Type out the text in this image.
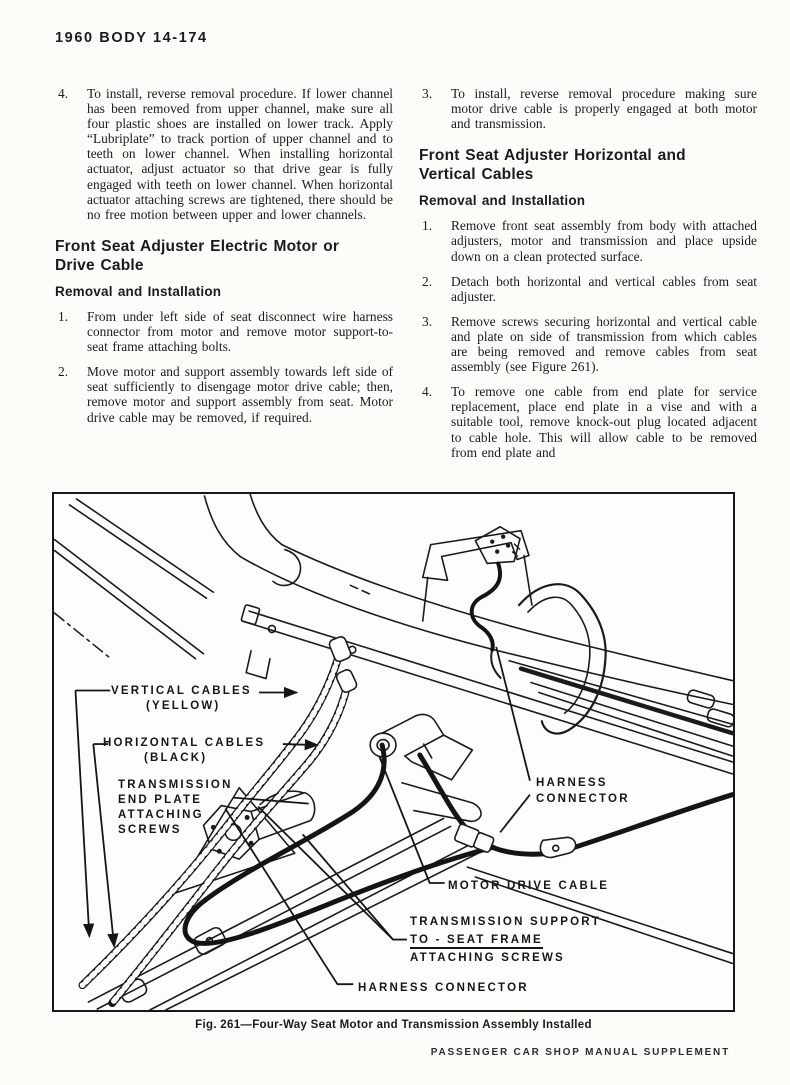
1960 BODY 14-174
4.	To install, reverse removal procedure. If lower channel has been removed from upper channel, make sure all four plastic shoes are installed on lower track. Apply “Lubriplate” to track portion of upper channel and to teeth on lower channel. When installing horizontal actuator, adjust actuator so that drive gear is fully engaged with teeth on lower channel. When horizontal actuator attaching screws are tightened, there should be no free motion between upper and lower channels.
Front Seat Adjuster Electric Motor or
Drive Cable
Removal and Installation
1.	From under left side of seat disconnect wire harness connector from motor and remove motor support-to-seat frame attaching bolts.
2.	Move motor and support assembly towards left side of seat sufficiently to disengage motor drive cable; then, remove motor and support assembly from seat. Motor drive cable may be removed, if required.
3.	To install, reverse removal procedure making sure motor drive cable is properly engaged at both motor and transmission.
Front Seat Adjuster Horizontal and
Vertical Cables
Removal and Installation
1.	Remove front seat assembly from body with attached adjusters, motor and transmission and place upside down on a clean protected surface.
2.	Detach both horizontal and vertical cables from seat adjuster.
3.	Remove screws securing horizontal and vertical cable and plate on side of transmission from which cables are being removed and remove cables from seat assembly (see Figure 261).
4.	To remove one cable from end plate for service replacement, place end plate in a vise and with a suitable tool, remove knock-out plug located adjacent to cable hole. This will allow cable to be removed from end plate and
VERTICAL CABLES
(YELLOW)
HORIZONTAL CABLES
(BLACK)
TRANSMISSION
END PLATE
ATTACHING
SCREWS
HARNESS
CONNECTOR
MOTOR DRIVE CABLE
TRANSMISSION SUPPORT
TO - SEAT FRAME
ATTACHING SCREWS
HARNESS CONNECTOR
Fig. 261—Four-Way Seat Motor and Transmission Assembly Installed
PASSENGER CAR SHOP MANUAL SUPPLEMENT
